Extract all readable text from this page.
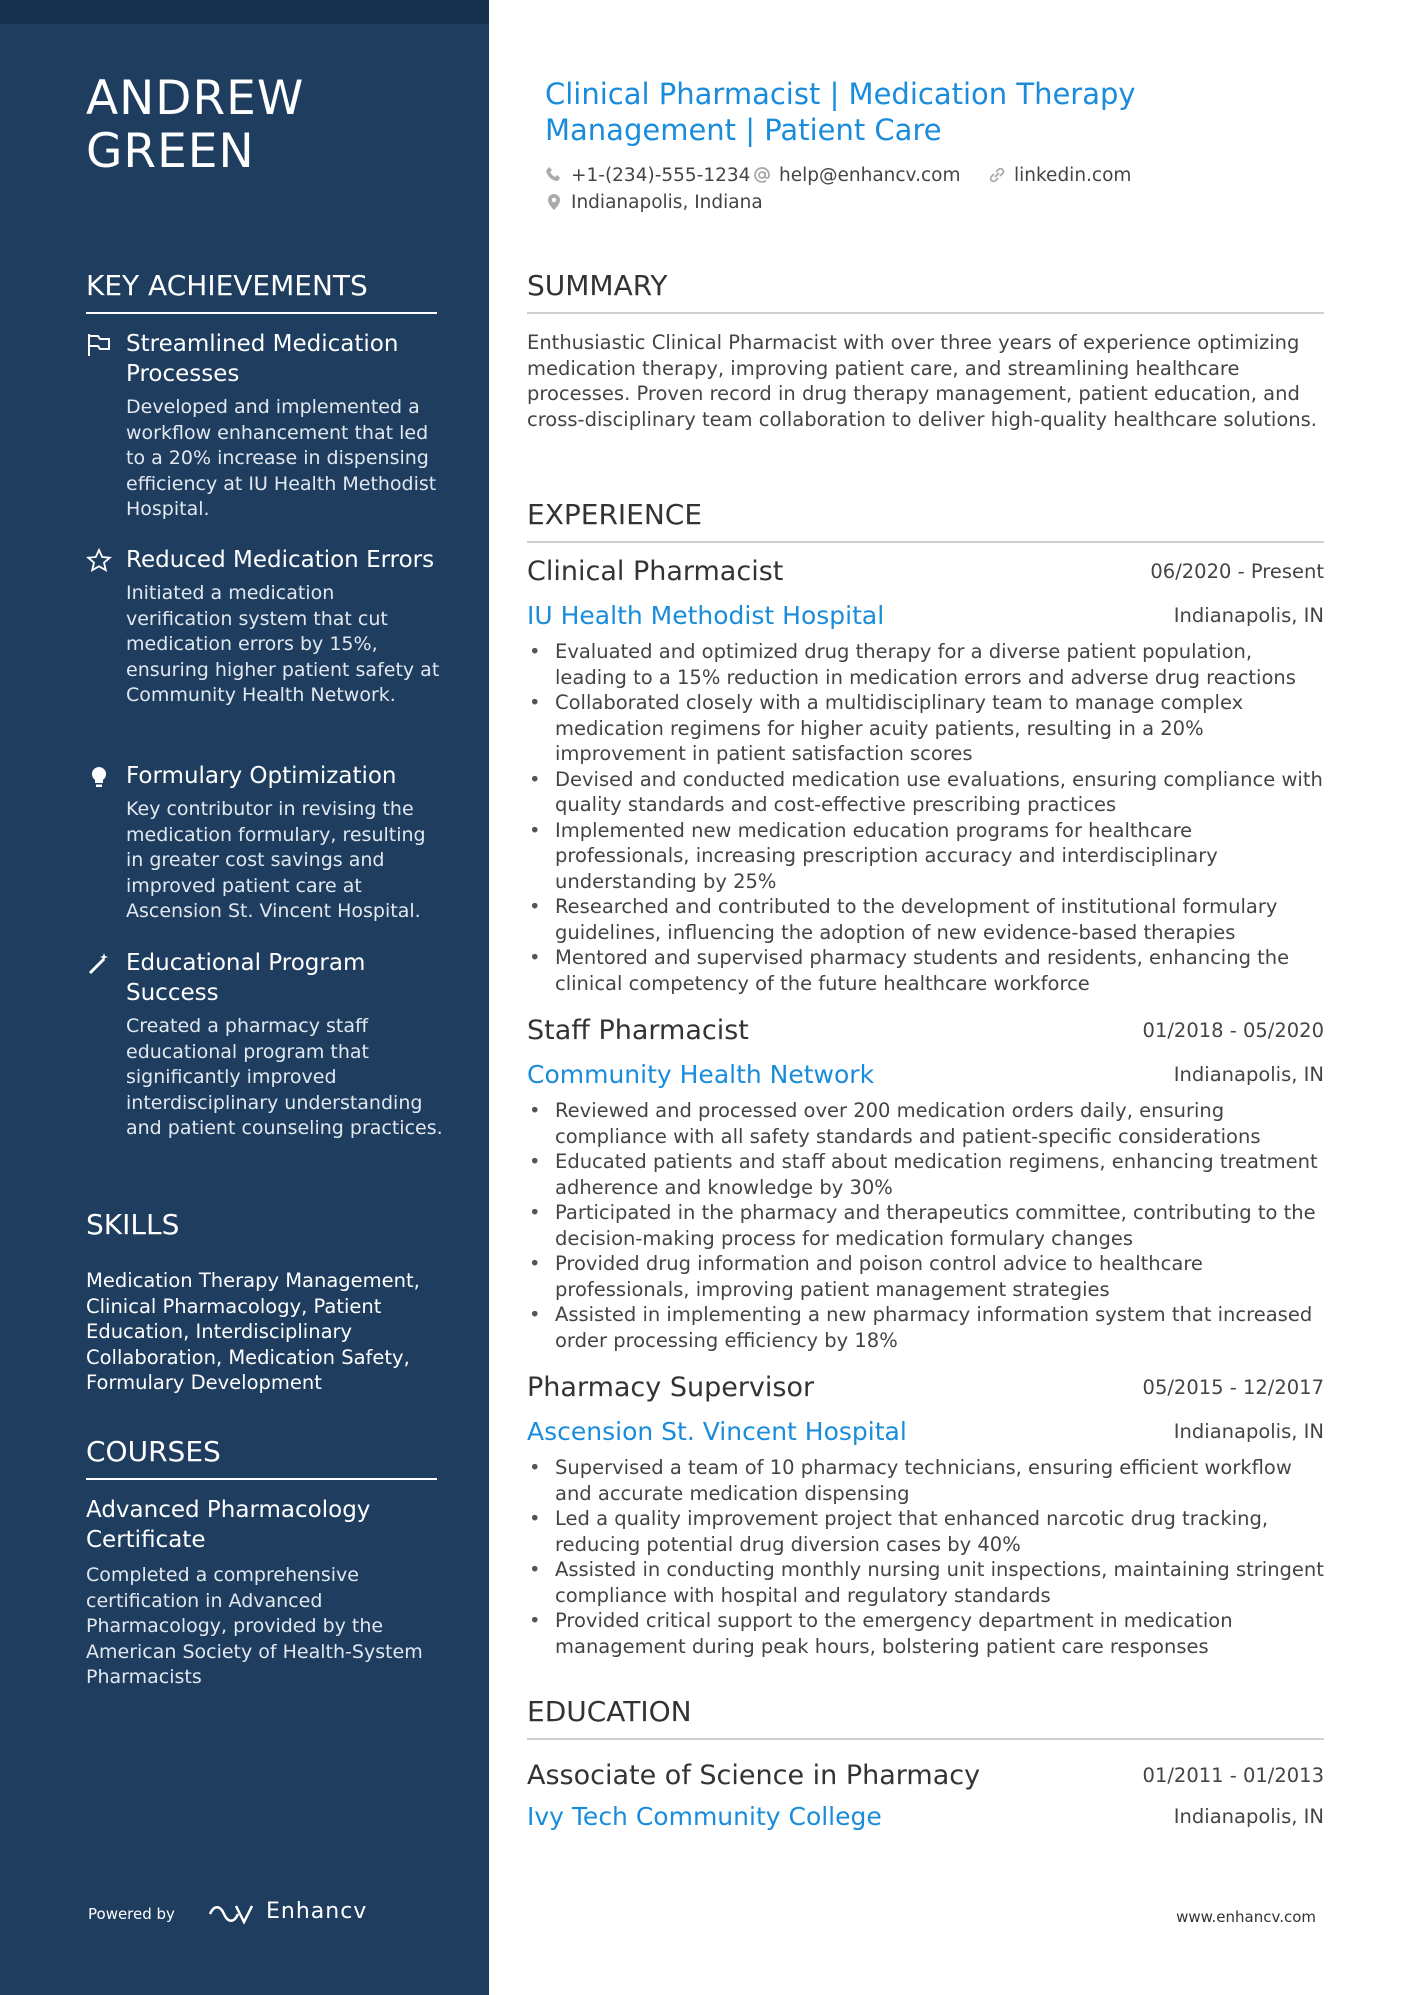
ANDREW GREEN
KEY ACHIEVEMENTS
Streamlined Medication Processes
Developed and implemented a workflow enhancement that led to a 20% increase in dispensing efficiency at IU Health Methodist Hospital.
Reduced Medication Errors
Initiated a medication verification system that cut medication errors by 15%, ensuring higher patient safety at Community Health Network.
Formulary Optimization
Key contributor in revising the medication formulary, resulting in greater cost savings and improved patient care at Ascension St. Vincent Hospital.
Educational Program Success
Created a pharmacy staff educational program that significantly improved interdisciplinary understanding and patient counseling practices.
SKILLS
Medication Therapy Management, Clinical Pharmacology, Patient Education, Interdisciplinary Collaboration, Medication Safety, Formulary Development
COURSES
Advanced Pharmacology Certificate
Completed a comprehensive certification in Advanced Pharmacology, provided by the American Society of Health-System Pharmacists
Powered by	Enhancv
Clinical Pharmacist | Medication Therapy Management | Patient Care
+1-(234)-555-1234	help@enhancv.com	linkedin.com
Indianapolis, Indiana
SUMMARY
Enthusiastic Clinical Pharmacist with over three years of experience optimizing medication therapy, improving patient care, and streamlining healthcare processes. Proven record in drug therapy management, patient education, and cross-disciplinary team collaboration to deliver high-quality healthcare solutions.
EXPERIENCE
Clinical Pharmacist	06/2020 - Present
IU Health Methodist Hospital	Indianapolis, IN
• Evaluated and optimized drug therapy for a diverse patient population, leading to a 15% reduction in medication errors and adverse drug reactions
• Collaborated closely with a multidisciplinary team to manage complex medication regimens for higher acuity patients, resulting in a 20% improvement in patient satisfaction scores
• Devised and conducted medication use evaluations, ensuring compliance with quality standards and cost-effective prescribing practices
• Implemented new medication education programs for healthcare professionals, increasing prescription accuracy and interdisciplinary understanding by 25%
• Researched and contributed to the development of institutional formulary guidelines, influencing the adoption of new evidence-based therapies
• Mentored and supervised pharmacy students and residents, enhancing the clinical competency of the future healthcare workforce
Staff Pharmacist	01/2018 - 05/2020
Community Health Network	Indianapolis, IN
• Reviewed and processed over 200 medication orders daily, ensuring compliance with all safety standards and patient-specific considerations
• Educated patients and staff about medication regimens, enhancing treatment adherence and knowledge by 30%
• Participated in the pharmacy and therapeutics committee, contributing to the decision-making process for medication formulary changes
• Provided drug information and poison control advice to healthcare professionals, improving patient management strategies
• Assisted in implementing a new pharmacy information system that increased order processing efficiency by 18%
Pharmacy Supervisor	05/2015 - 12/2017
Ascension St. Vincent Hospital	Indianapolis, IN
• Supervised a team of 10 pharmacy technicians, ensuring efficient workflow and accurate medication dispensing
• Led a quality improvement project that enhanced narcotic drug tracking, reducing potential drug diversion cases by 40%
• Assisted in conducting monthly nursing unit inspections, maintaining stringent compliance with hospital and regulatory standards
• Provided critical support to the emergency department in medication management during peak hours, bolstering patient care responses
EDUCATION
Associate of Science in Pharmacy	01/2011 - 01/2013
Ivy Tech Community College	Indianapolis, IN
www.enhancv.com
